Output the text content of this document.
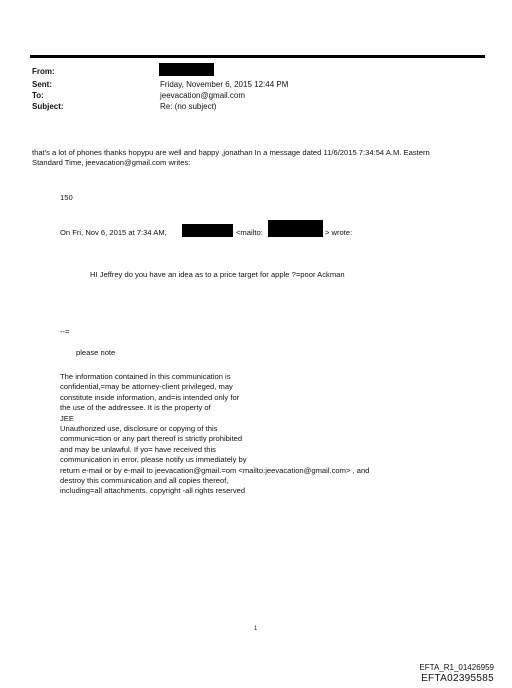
From:
Sent:
To:
Subject:
Friday, November 6, 2015 12:44 PM
jeevacation@gmail.com
Re: (no subject)
that's a lot of phones thanks hopypu are well and happy ,jonathan In a message dated 11/6/2015 7:34:54 A.M. Eastern
Standard Time, jeevacation@gmail.com writes:
150
On Fri, Nov 6, 2015 at 7:34 AM,	<mailto:	> wrote:
HI Jeffrey do you have an idea as to a price target for apple ?=poor Ackman
--=
please note
The information contained in this communication is
confidential,=may be attorney-client privileged, may
constitute inside information, and=is intended only for
the use of the addressee. It is the property of
JEE
Unauthorized use, disclosure or copying of this
communic=tion or any part thereof is strictly prohibited
and may be unlawful. If yo= have received this
communication in error, please notify us immediately by
return e-mail or by e-mail to jeevacation@gmail.=om <mailto:jeevacation@gmail.com> , and
destroy this communication and all copies thereof,
including=all attachments. copyright -all rights reserved
1
EFTA_R1_01426959
EFTA02395585
